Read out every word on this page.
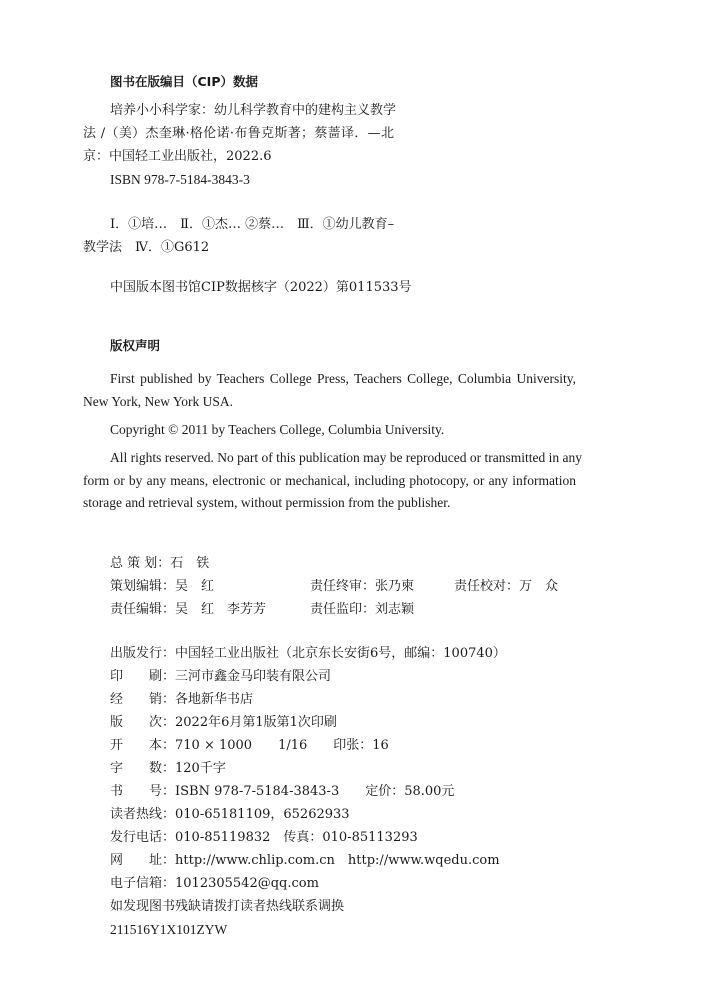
图书在版编目（CIP）数据
培养小小科学家：幼儿科学教育中的建构主义教学
法 /（美）杰奎琳·格伦诺·布鲁克斯著；蔡蔷译．—北
京：中国轻工业出版社，2022.6
ISBN 978-7-5184-3843-3
Ⅰ．①培…　Ⅱ．①杰… ②蔡…　Ⅲ．①幼儿教育–
教学法　Ⅳ．①G612
中国版本图书馆CIP数据核字（2022）第011533号
版权声明
First published by Teachers College Press, Teachers College, Columbia University,
New York, New York USA.
Copyright © 2011 by Teachers College, Columbia University.
All rights reserved. No part of this publication may be reproduced or transmitted in any
form or by any means, electronic or mechanical, including photocopy, or any information
storage and retrieval system, without permission from the publisher.
总 策 划：石　铁
策划编辑：吴　红	责任终审：张乃柬	责任校对：万　众
责任编辑：吴　红　李芳芳	责任监印：刘志颖
出版发行：中国轻工业出版社（北京东长安街6号，邮编：100740）
印　　刷：三河市鑫金马印装有限公司
经　　销：各地新华书店
版　　次：2022年6月第1版第1次印刷
开　　本：710 × 1000　　1/16　　印张：16
字　　数：120千字
书　　号：ISBN 978-7-5184-3843-3　　定价：58.00元
读者热线：010-65181109，65262933
发行电话：010-85119832　传真：010-85113293
网　　址：http://www.chlip.com.cn　http://www.wqedu.com
电子信箱：1012305542@qq.com
如发现图书残缺请拨打读者热线联系调换
211516Y1X101ZYW
